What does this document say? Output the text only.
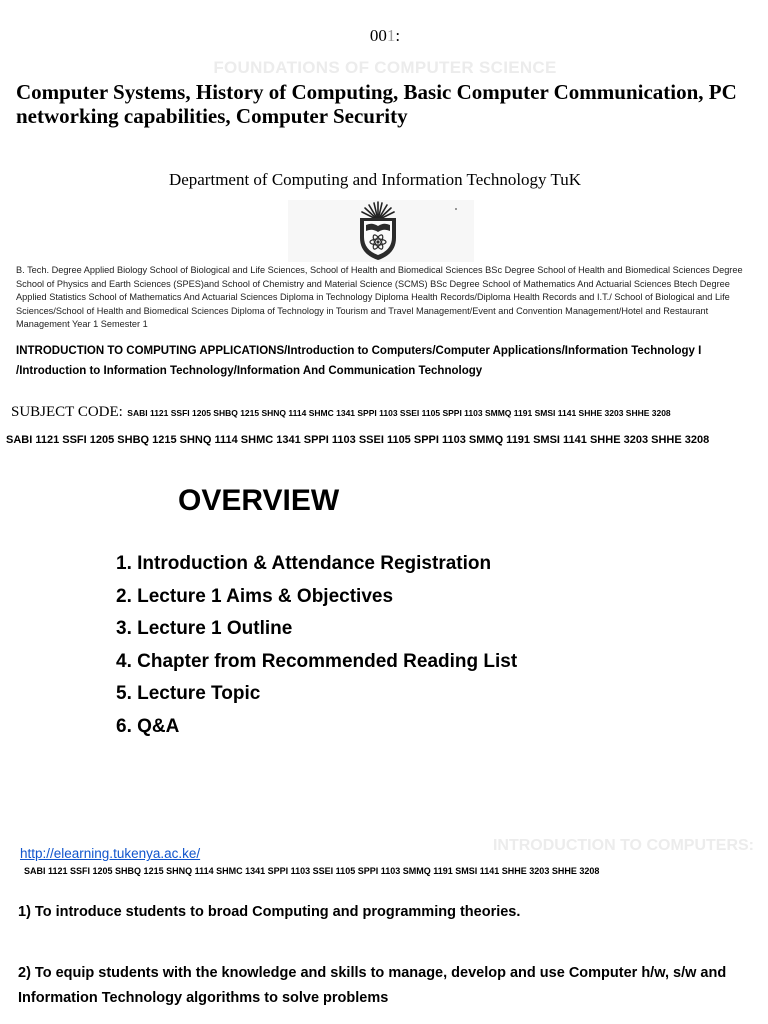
001:
FOUNDATIONS OF COMPUTER SCIENCE
Computer Systems, History of Computing, Basic Computer Communication, PC networking capabilities, Computer Security
Department of Computing and Information Technology TuK
B. Tech. Degree Applied Biology School of Biological and Life Sciences, School of Health and Biomedical Sciences BSc Degree School of Health and Biomedical Sciences Degree School of Physics and Earth Sciences (SPES)and School of Chemistry and Material Science (SCMS) BSc Degree School of Mathematics And Actuarial Sciences Btech Degree Applied Statistics School of Mathematics And Actuarial Sciences Diploma in Technology Diploma Health Records/Diploma Health Records and I.T./ School of Biological and Life Sciences/School of Health and Biomedical Sciences Diploma of Technology in Tourism and Travel Management/Event and Convention Management/Hotel and Restaurant Management Year 1 Semester 1
INTRODUCTION TO COMPUTING APPLICATIONS/Introduction to Computers/Computer Applications/Information Technology I /Introduction to Information Technology/Information And Communication Technology
SUBJECT CODE: SABI 1121 SSFI 1205 SHBQ 1215 SHNQ 1114 SHMC 1341 SPPI 1103 SSEI 1105 SPPI 1103 SMMQ 1191 SMSI 1141 SHHE 3203 SHHE 3208
SABI 1121 SSFI 1205 SHBQ 1215 SHNQ 1114 SHMC 1341 SPPI 1103 SSEI 1105 SPPI 1103 SMMQ 1191 SMSI 1141 SHHE 3203 SHHE 3208
OVERVIEW
1. Introduction & Attendance Registration
2. Lecture 1 Aims & Objectives
3. Lecture 1 Outline
4. Chapter from Recommended Reading List
5. Lecture Topic
6. Q&A
INTRODUCTION TO COMPUTERS:
http://elearning.tukenya.ac.ke/
SABI 1121 SSFI 1205 SHBQ 1215 SHNQ 1114 SHMC 1341 SPPI 1103 SSEI 1105 SPPI 1103 SMMQ 1191 SMSI 1141 SHHE 3203 SHHE 3208
1) To introduce students to broad Computing and programming theories.
2) To equip students with the knowledge and skills to manage, develop and use Computer h/w, s/w and Information Technology algorithms to solve problems
